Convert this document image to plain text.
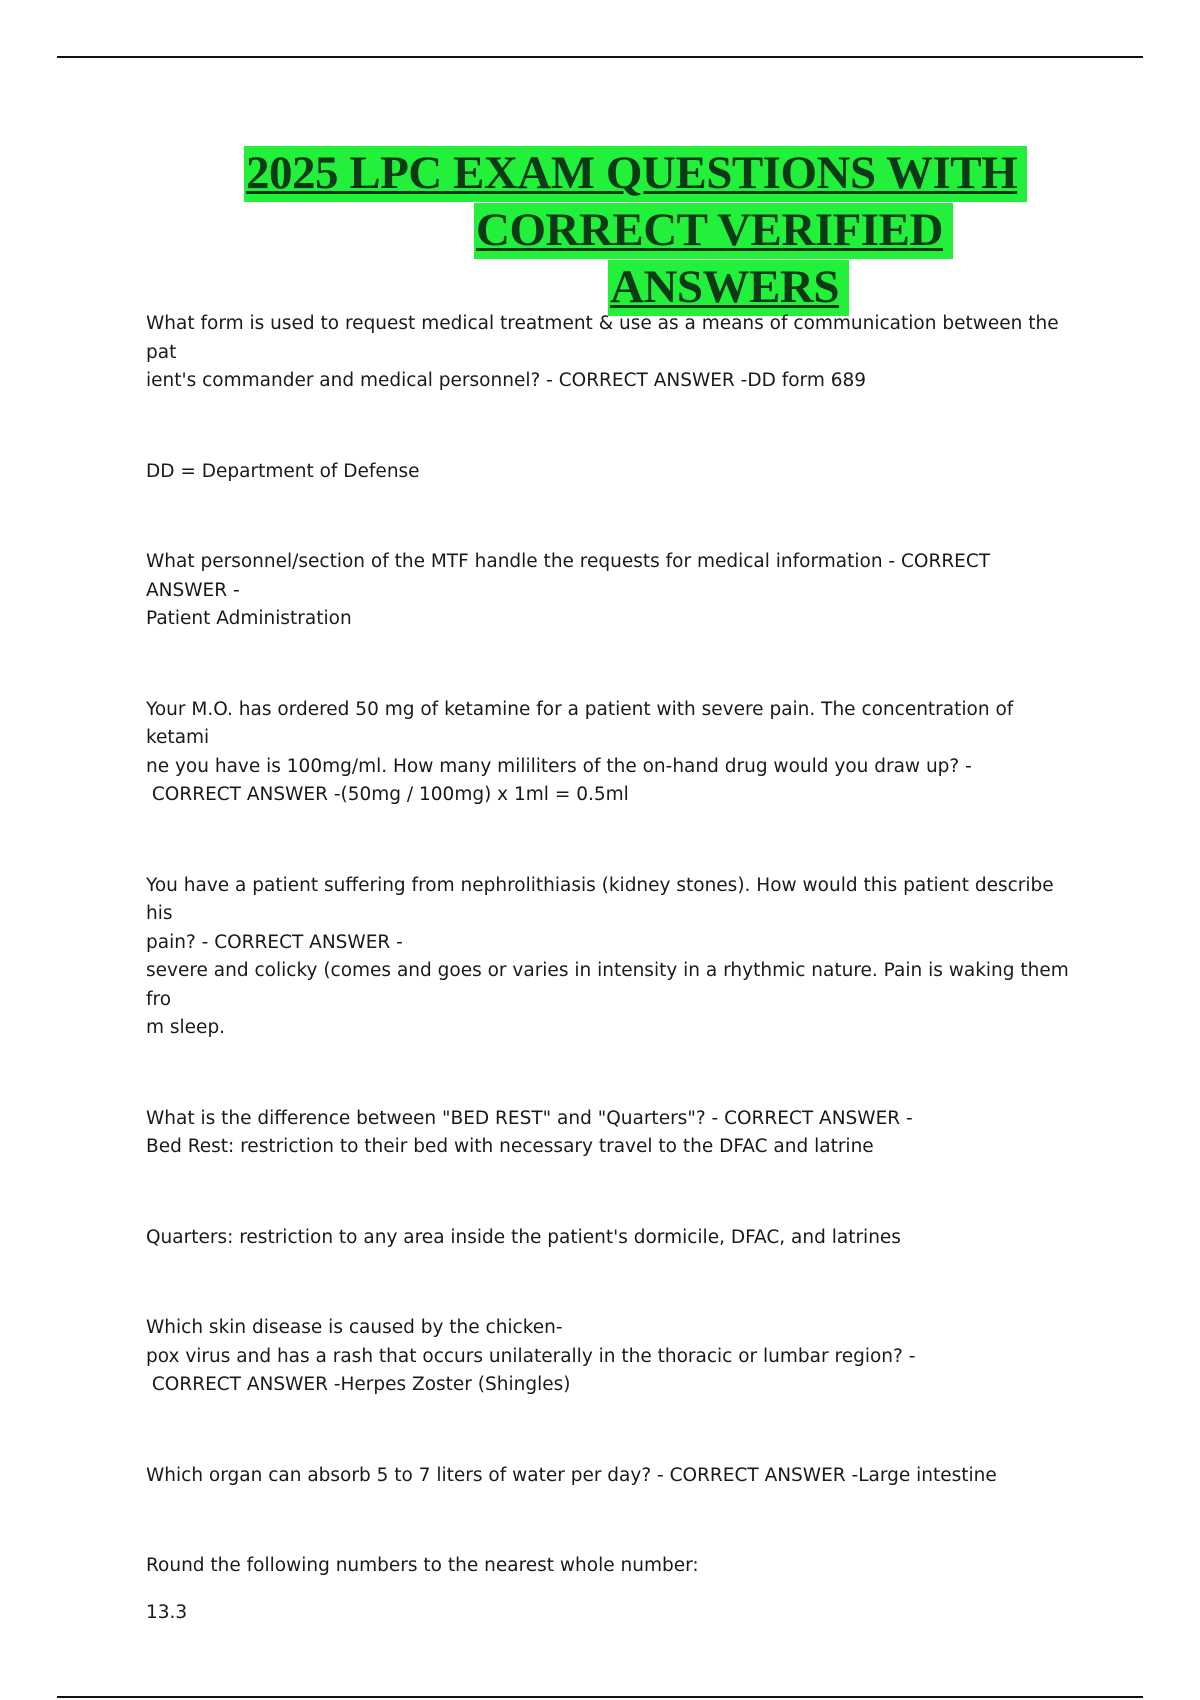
2025 LPC EXAM QUESTIONS WITH
CORRECT VERIFIED
ANSWERS

What form is used to request medical treatment & use as a means of communication between the pat
ient's commander and medical personnel? - CORRECT ANSWER -DD form 689

DD = Department of Defense

What personnel/section of the MTF handle the requests for medical information - CORRECT ANSWER -
Patient Administration

Your M.O. has ordered 50 mg of ketamine for a patient with severe pain. The concentration of ketami
ne you have is 100mg/ml. How many mililiters of the on-hand drug would you draw up? -
CORRECT ANSWER -(50mg / 100mg) x 1ml = 0.5ml

You have a patient suffering from nephrolithiasis (kidney stones). How would this patient describe his
pain? - CORRECT ANSWER -
severe and colicky (comes and goes or varies in intensity in a rhythmic nature. Pain is waking them fro
m sleep.

What is the difference between "BED REST" and "Quarters"? - CORRECT ANSWER -
Bed Rest: restriction to their bed with necessary travel to the DFAC and latrine

Quarters: restriction to any area inside the patient's dormicile, DFAC, and latrines

Which skin disease is caused by the chicken-
pox virus and has a rash that occurs unilaterally in the thoracic or lumbar region? -
CORRECT ANSWER -Herpes Zoster (Shingles)

Which organ can absorb 5 to 7 liters of water per day? - CORRECT ANSWER -Large intestine

Round the following numbers to the nearest whole number:

13.3
